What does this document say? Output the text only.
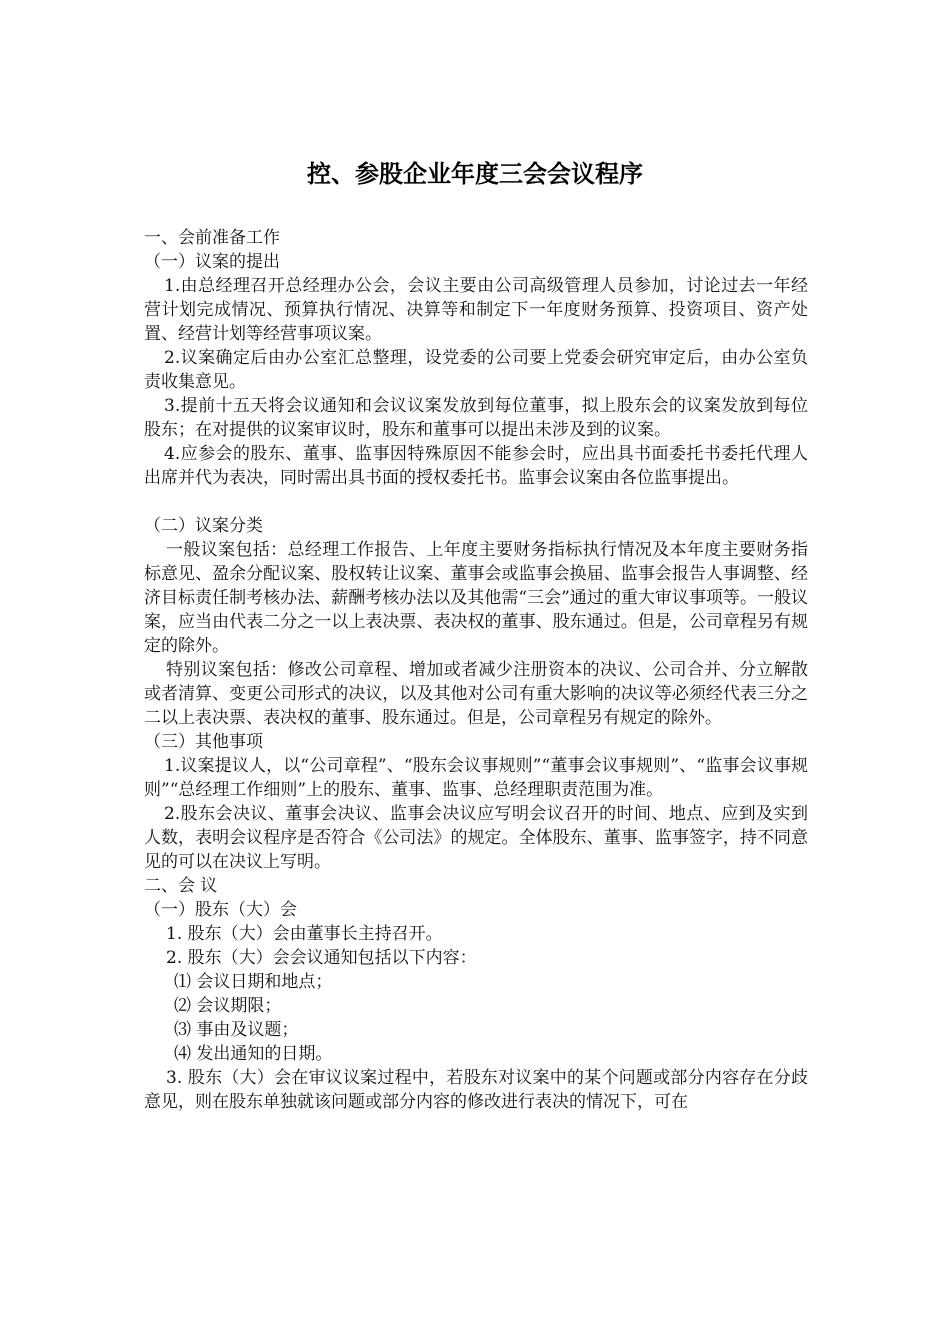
控、参股企业年度三会会议程序

一、会前准备工作

（一）议案的提出

1.由总经理召开总经理办公会，会议主要由公司高级管理人员参加，讨论过去一年经营计划完成情况、预算执行情况、决算等和制定下一年度财务预算、投资项目、资产处置、经营计划等经营事项议案。

2.议案确定后由办公室汇总整理，设党委的公司要上党委会研究审定后，由办公室负责收集意见。

3.提前十五天将会议通知和会议议案发放到每位董事，拟上股东会的议案发放到每位股东；在对提供的议案审议时，股东和董事可以提出未涉及到的议案。

4.应参会的股东、董事、监事因特殊原因不能参会时，应出具书面委托书委托代理人出席并代为表决，同时需出具书面的授权委托书。监事会议案由各位监事提出。

（二）议案分类

一般议案包括：总经理工作报告、上年度主要财务指标执行情况及本年度主要财务指标意见、盈余分配议案、股权转让议案、董事会或监事会换届、监事会报告人事调整、经济目标责任制考核办法、薪酬考核办法以及其他需“三会”通过的重大审议事项等。一般议案，应当由代表二分之一以上表决票、表决权的董事、股东通过。但是，公司章程另有规定的除外。

特别议案包括：修改公司章程、增加或者减少注册资本的决议、公司合并、分立解散或者清算、变更公司形式的决议，以及其他对公司有重大影响的决议等必须经代表三分之二以上表决票、表决权的董事、股东通过。但是，公司章程另有规定的除外。

（三）其他事项

1.议案提议人，以“公司章程”、“股东会议事规则”“董事会议事规则”、“监事会议事规则”“总经理工作细则”上的股东、董事、监事、总经理职责范围为准。

2.股东会决议、董事会决议、监事会决议应写明会议召开的时间、地点、应到及实到人数，表明会议程序是否符合《公司法》的规定。全体股东、董事、监事签字，持不同意见的可以在决议上写明。

二、会 议

（一）股东（大）会

1. 股东（大）会由董事长主持召开。

2. 股东（大）会会议通知包括以下内容：

⑴ 会议日期和地点；

⑵ 会议期限；

⑶ 事由及议题；

⑷ 发出通知的日期。

3. 股东（大）会在审议议案过程中，若股东对议案中的某个问题或部分内容存在分歧意见，则在股东单独就该问题或部分内容的修改进行表决的情况下，可在
